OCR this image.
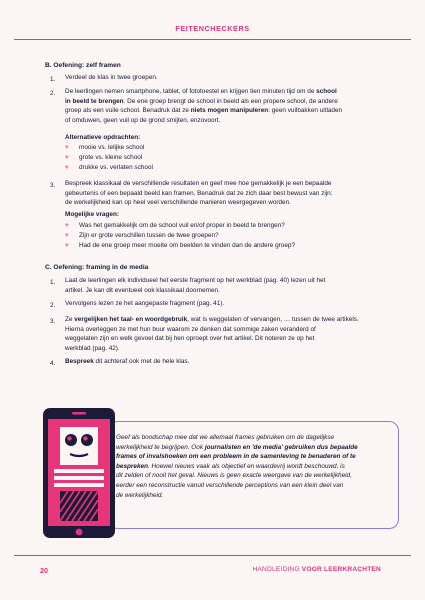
FEITENCHECKERS
B. Oefening: zelf framen
1. Verdeel de klas in twee groepen.
2. De leerlingen nemen smartphone, tablet, of fototoestel en krijgen tien minuten tijd om de school
in beeld te brengen. De ene groep brengt de school in beeld als een propere school, de andere
groep als een vuile school. Benadruk dat ze niets mogen manipuleren: geen vuilbakken uitladen
of omduwen, geen vuil op de grond smijten, enzovoort.
Alternatieve opdrachten:
+ mooie vs. lelijke school
+ grote vs. kleine school
+ drukke vs. verlaten school
3. Bespreek klassikaal de verschillende resultaten en geef mee hoe gemakkelijk je een bepaalde
gebeurtenis of een bepaald beeld kan framen. Benadruk dat ze zich daar best bewust van zijn:
de werkelijkheid kan op heel veel verschillende manieren weergegeven worden.
Mogelijke vragen:
+ Was het gemakkelijk om de school vuil en/of proper in beeld te brengen?
+ Zijn er grote verschillen tussen de twee groepen?
+ Had de ene groep meer moeite om beelden te vinden dan de andere groep?
C. Oefening: framing in de media
1. Laat de leerlingen elk individueel het eerste fragment op het werkblad (pag. 40) lezen uit het
artikel. Je kan dit eventueel ook klassikaal doornemen.
2. Vervolgens lezen ze het aangepaste fragment (pag. 41).
3. Ze vergelijken het taal- en woordgebruik, wat is weggelaten of vervangen, … tussen de twee artikels.
Hierna overleggen ze met hun buur waarom ze denken dat sommige zaken veranderd of
weggelaten zijn en welk gevoel dat bij hen oproept over het artikel. Dit noteren ze op het
werkblad (pag. 42).
4. Bespreek dit achteraf ook met de hele klas.
Geef als boodschap mee dat we allemaal frames gebruiken om de dagelijkse
werkelijkheid te begrijpen. Ook journalisten en 'de media' gebruiken dus bepaalde
frames of invalshoeken om een probleem in de samenleving te benaderen of te
bespreken. Hoewel nieuws vaak als objectief en waardevrij wordt beschouwd, is
dit zelden of nooit het geval. Nieuws is geen exacte weergave van de werkelijkheid,
eerder een reconstructie vanuit verschillende perceptions van een klein deel van
de werkelijkheid.
20	HANDLEIDING VOOR LEERKRACHTEN
